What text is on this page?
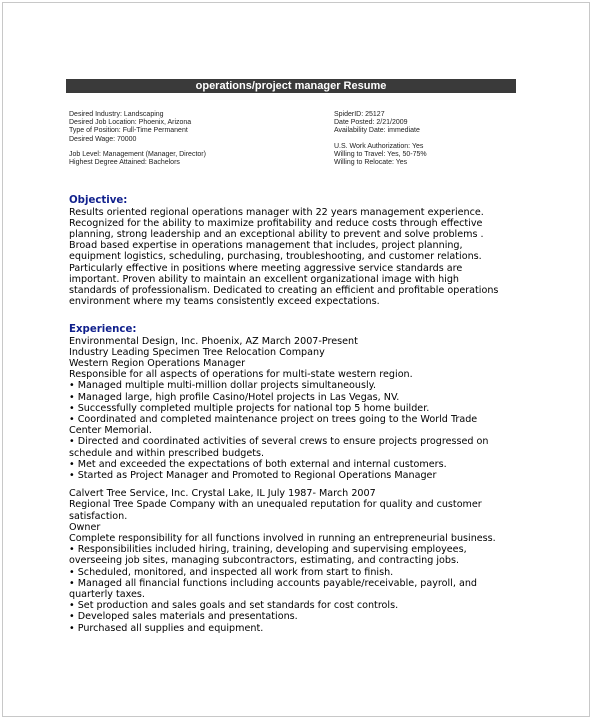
operations/project manager Resume
Desired Industry: Landscaping
Desired Job Location: Phoenix, Arizona
Type of Position: Full-Time Permanent
Desired Wage: 70000
Job Level: Management (Manager, Director)
Highest Degree Attained: Bachelors
SpiderID: 25127
Date Posted: 2/21/2009
Availability Date: immediate
U.S. Work Authorization: Yes
Willing to Travel: Yes, 50-75%
Willing to Relocate: Yes
Objective:
Results oriented regional operations manager with 22 years management experience.
Recognized for the ability to maximize profitability and reduce costs through effective
planning, strong leadership and an exceptional ability to prevent and solve problems .
Broad based expertise in operations management that includes, project planning,
equipment logistics, scheduling, purchasing, troubleshooting, and customer relations.
Particularly effective in positions where meeting aggressive service standards are
important. Proven ability to maintain an excellent organizational image with high
standards of professionalism. Dedicated to creating an efficient and profitable operations
environment where my teams consistently exceed expectations.
Experience:
Environmental Design, Inc. Phoenix, AZ March 2007-Present
Industry Leading Specimen Tree Relocation Company
Western Region Operations Manager
Responsible for all aspects of operations for multi-state western region.
• Managed multiple multi-million dollar projects simultaneously.
• Managed large, high profile Casino/Hotel projects in Las Vegas, NV.
• Successfully completed multiple projects for national top 5 home builder.
• Coordinated and completed maintenance project on trees going to the World Trade
Center Memorial.
• Directed and coordinated activities of several crews to ensure projects progressed on
schedule and within prescribed budgets.
• Met and exceeded the expectations of both external and internal customers.
• Started as Project Manager and Promoted to Regional Operations Manager
Calvert Tree Service, Inc. Crystal Lake, IL July 1987- March 2007
Regional Tree Spade Company with an unequaled reputation for quality and customer
satisfaction.
Owner
Complete responsibility for all functions involved in running an entrepreneurial business.
• Responsibilities included hiring, training, developing and supervising employees,
overseeing job sites, managing subcontractors, estimating, and contracting jobs.
• Scheduled, monitored, and inspected all work from start to finish.
• Managed all financial functions including accounts payable/receivable, payroll, and
quarterly taxes.
• Set production and sales goals and set standards for cost controls.
• Developed sales materials and presentations.
• Purchased all supplies and equipment.
